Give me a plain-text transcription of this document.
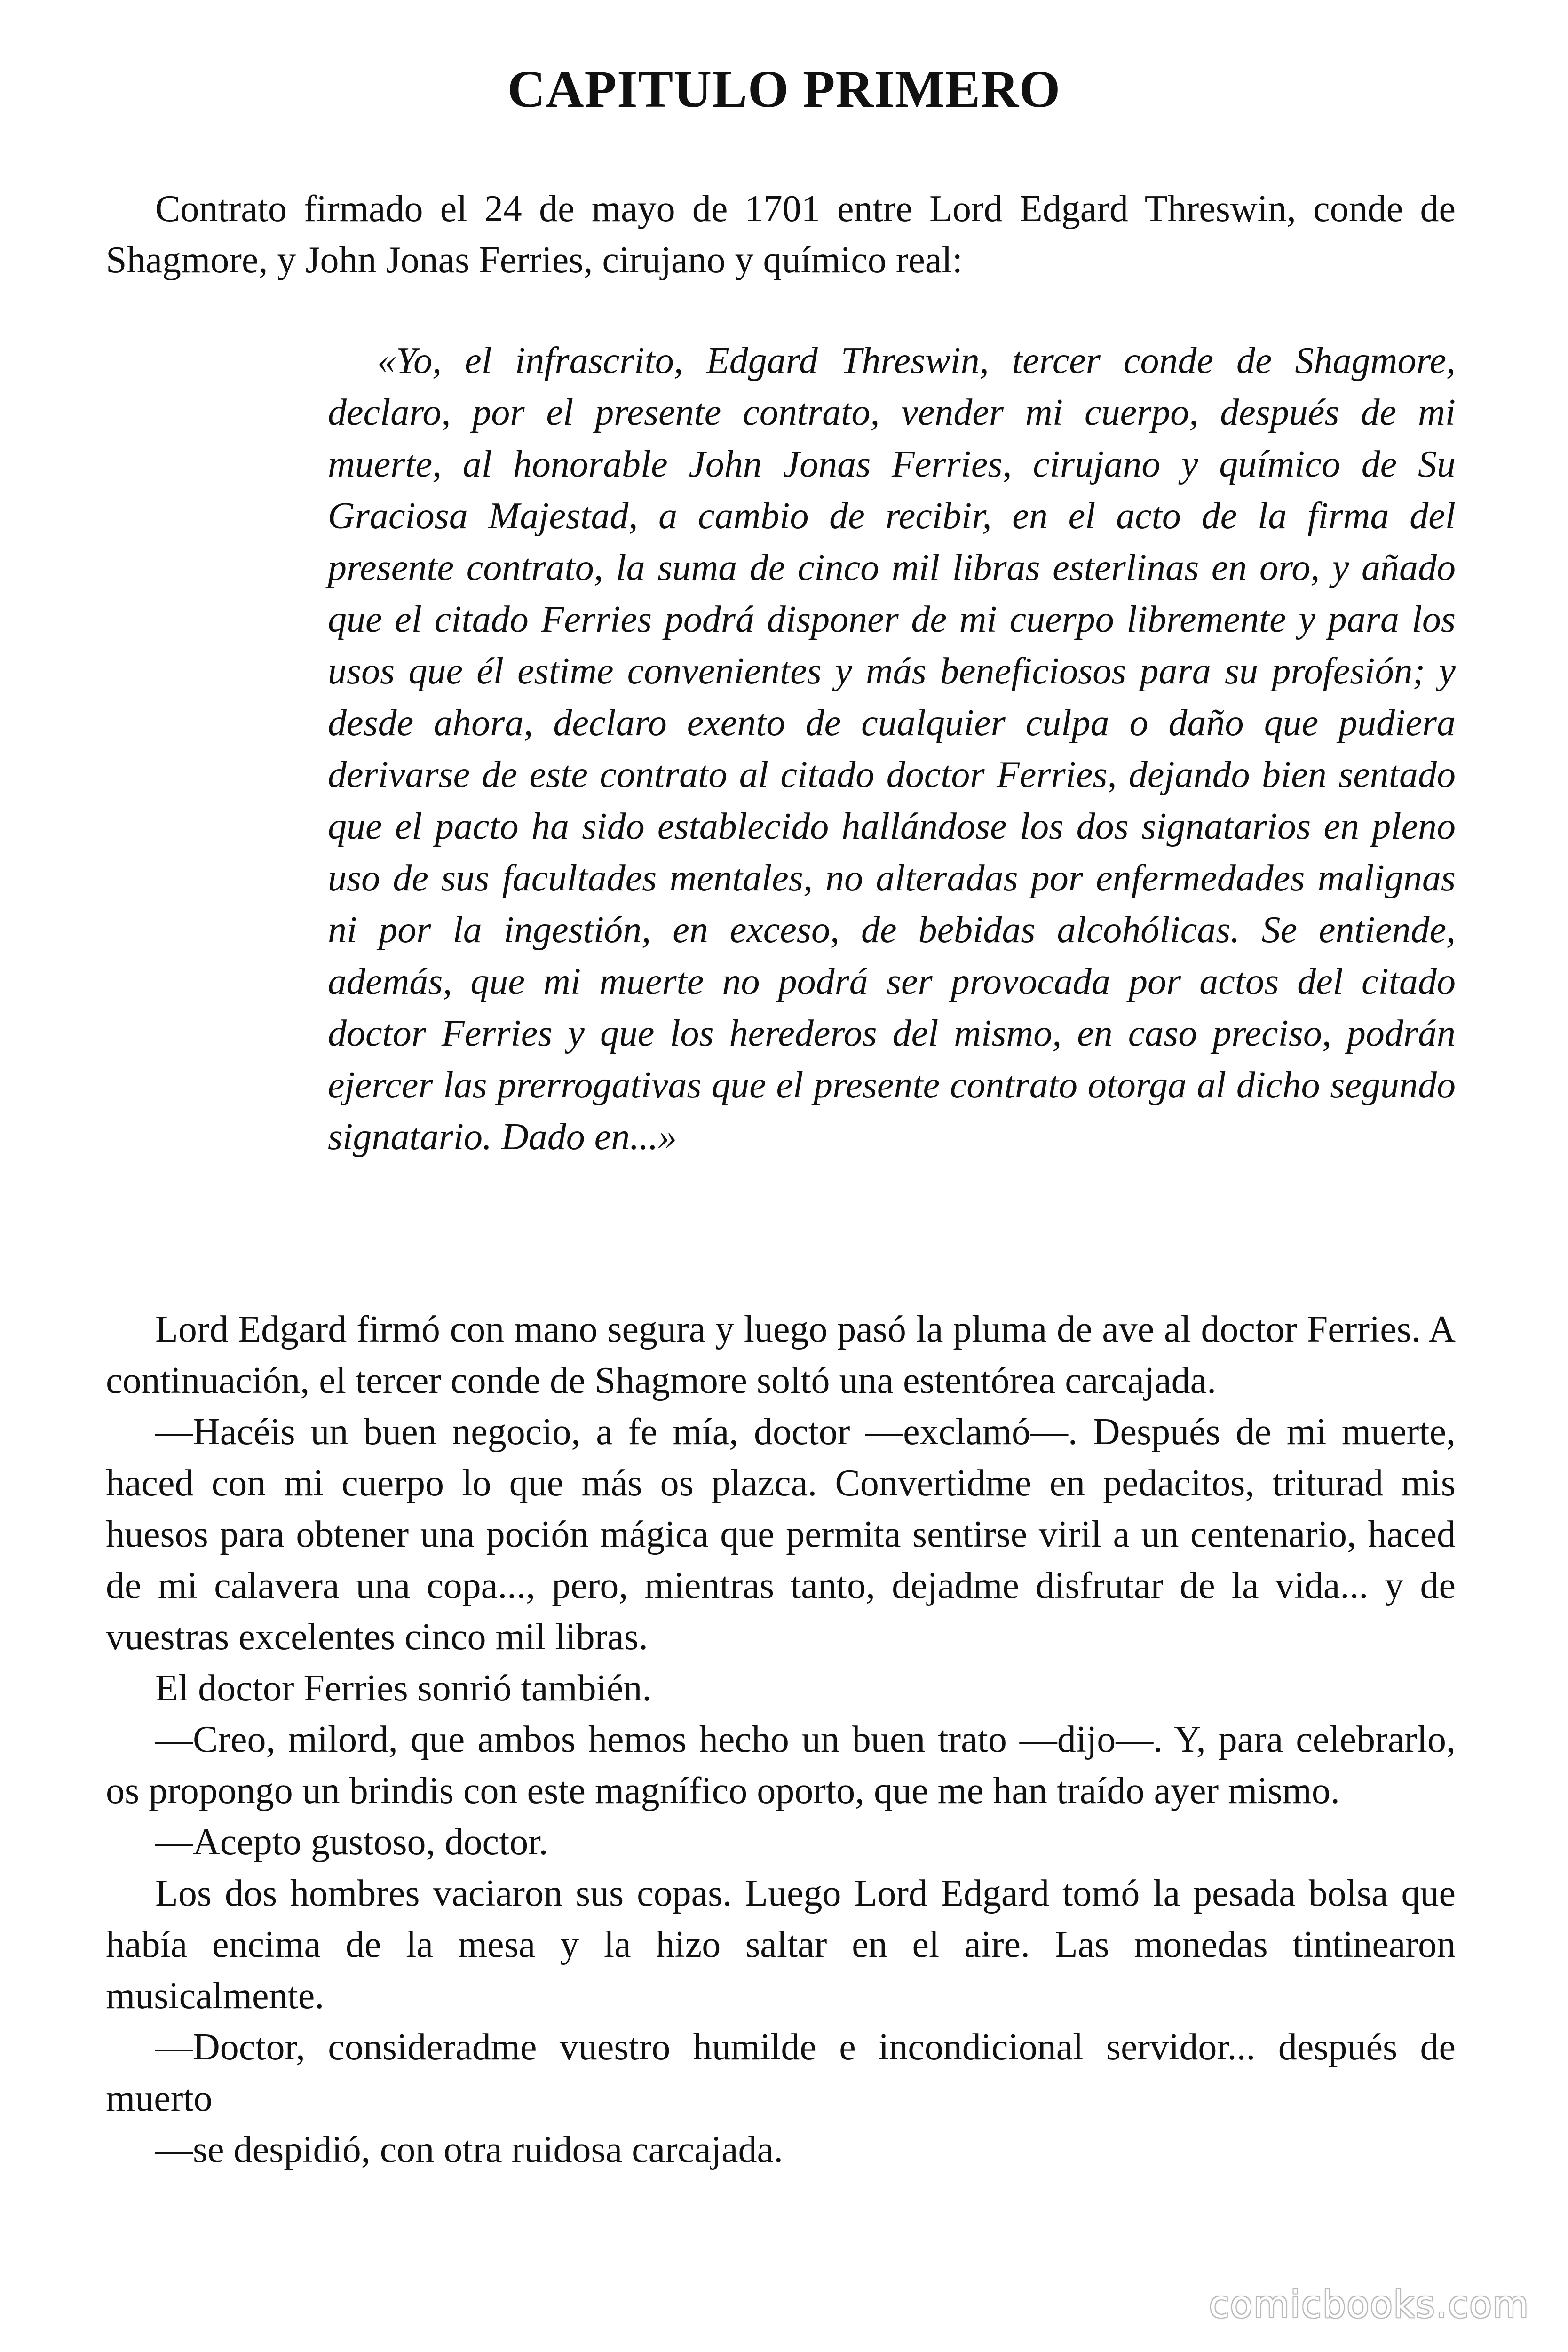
CAPITULO PRIMERO

Contrato firmado el 24 de mayo de 1701 entre Lord Edgard Threswin, conde de Shagmore, y John Jonas Ferries, cirujano y químico real:

«Yo, el infrascrito, Edgard Threswin, tercer conde de Shagmore, declaro, por el presente contrato, vender mi cuerpo, después de mi muerte, al honorable John Jonas Ferries, cirujano y químico de Su Graciosa Majestad, a cambio de recibir, en el acto de la firma del presente contrato, la suma de cinco mil libras esterlinas en oro, y añado que el citado Ferries podrá disponer de mi cuerpo libremente y para los usos que él estime convenientes y más beneficiosos para su profesión; y desde ahora, declaro exento de cualquier culpa o daño que pudiera derivarse de este contrato al citado doctor Ferries, dejando bien sentado que el pacto ha sido establecido hallándose los dos signatarios en pleno uso de sus facultades mentales, no alteradas por enfermedades malignas ni por la ingestión, en exceso, de bebidas alcohólicas. Se entiende, además, que mi muerte no podrá ser provocada por actos del citado doctor Ferries y que los herederos del mismo, en caso preciso, podrán ejercer las prerrogativas que el presente contrato otorga al dicho segundo signatario. Dado en...»

Lord Edgard firmó con mano segura y luego pasó la pluma de ave al doctor Ferries. A continuación, el tercer conde de Shagmore soltó una estentórea carcajada.

—Hacéis un buen negocio, a fe mía, doctor —exclamó—. Después de mi muerte, haced con mi cuerpo lo que más os plazca. Convertidme en pedacitos, triturad mis huesos para obtener una poción mágica que permita sentirse viril a un centenario, haced de mi calavera una copa..., pero, mientras tanto, dejadme disfrutar de la vida... y de vuestras excelentes cinco mil libras.

El doctor Ferries sonrió también.

—Creo, milord, que ambos hemos hecho un buen trato —dijo—. Y, para celebrarlo, os propongo un brindis con este magnífico oporto, que me han traído ayer mismo.

—Acepto gustoso, doctor.

Los dos hombres vaciaron sus copas. Luego Lord Edgard tomó la pesada bolsa que había encima de la mesa y la hizo saltar en el aire. Las monedas tintinearon musicalmente.

—Doctor, consideradme vuestro humilde e incondicional servidor... después de muerto

—se despidió, con otra ruidosa carcajada.

comicbooks.com
